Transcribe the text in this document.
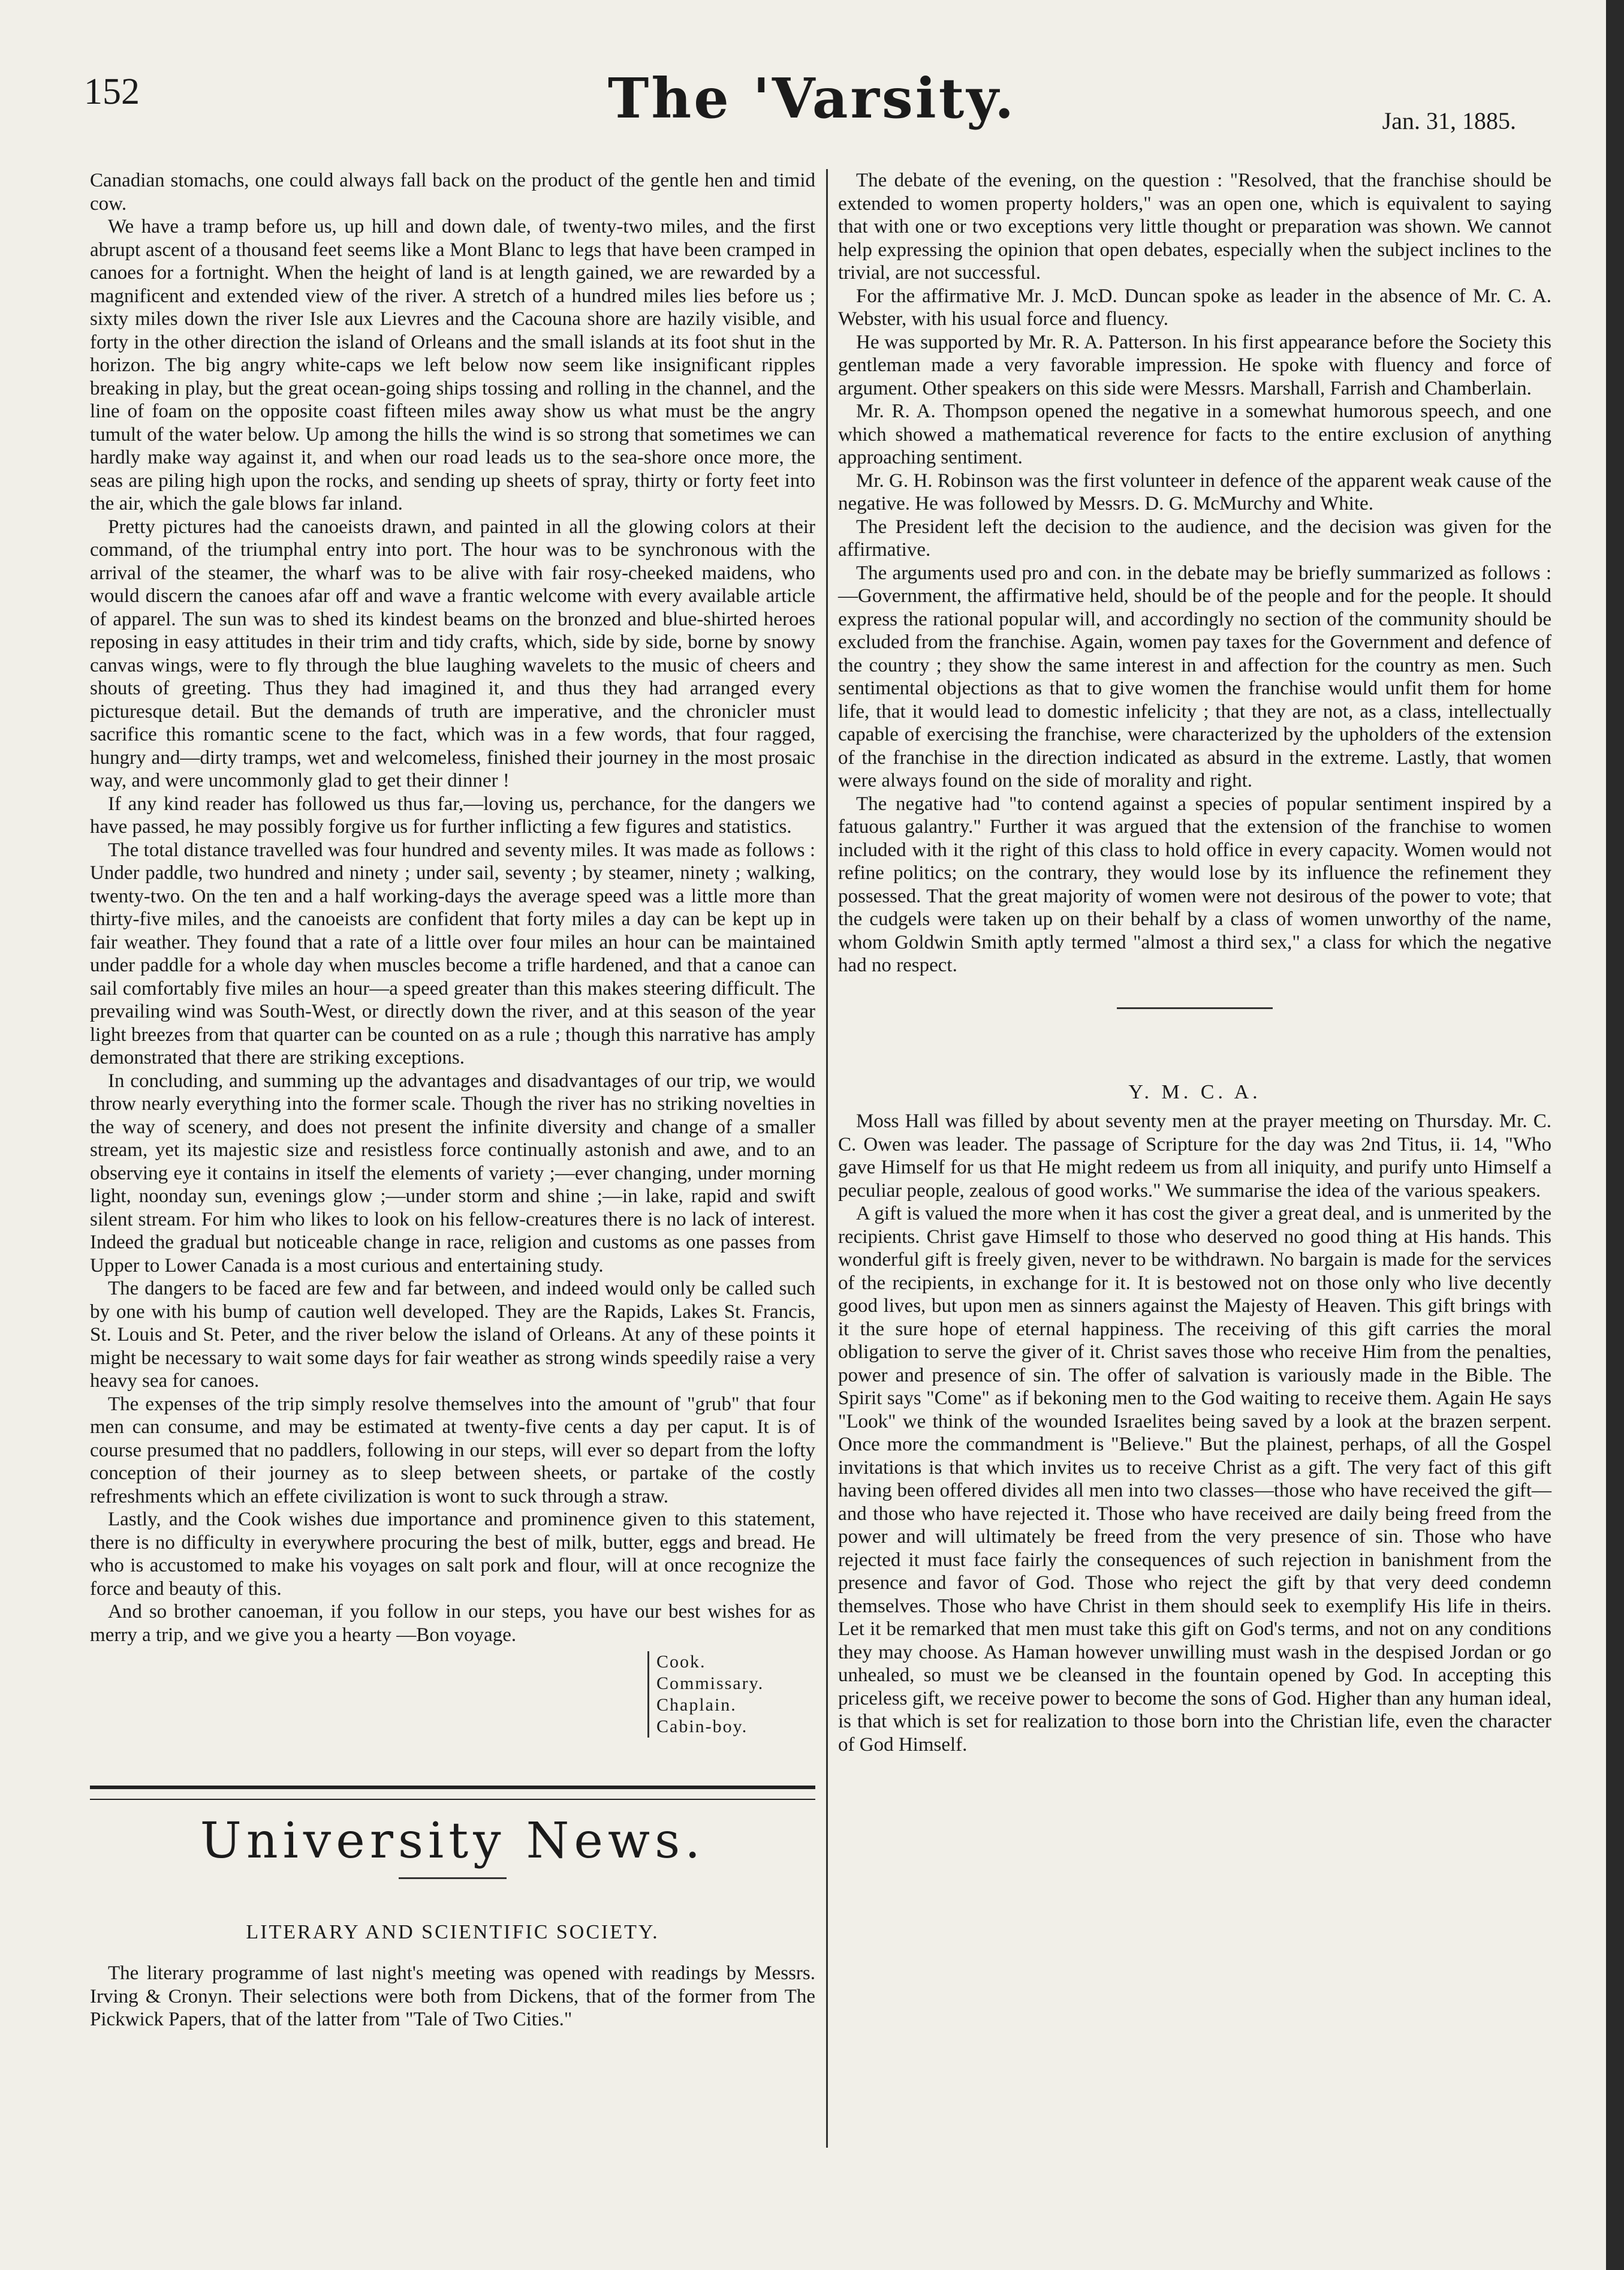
152	The 'Varsity.	Jan. 31, 1885.

Canadian stomachs, one could always fall back on the product of the gentle hen and timid cow.

We have a tramp before us, up hill and down dale, of twenty-two miles, and the first abrupt ascent of a thousand feet seems like a Mont Blanc to legs that have been cramped in canoes for a fortnight. When the height of land is at length gained, we are rewarded by a magnificent and extended view of the river. A stretch of a hundred miles lies before us ; sixty miles down the river Isle aux Lievres and the Cacouna shore are hazily visible, and forty in the other direction the island of Orleans and the small islands at its foot shut in the horizon. The big angry white-caps we left below now seem like insignificant ripples breaking in play, but the great ocean-going ships tossing and rolling in the channel, and the line of foam on the opposite coast fifteen miles away show us what must be the angry tumult of the water below. Up among the hills the wind is so strong that sometimes we can hardly make way against it, and when our road leads us to the sea-shore once more, the seas are piling high upon the rocks, and sending up sheets of spray, thirty or forty feet into the air, which the gale blows far inland.

Pretty pictures had the canoeists drawn, and painted in all the glowing colors at their command, of the triumphal entry into port. The hour was to be synchronous with the arrival of the steamer, the wharf was to be alive with fair rosy-cheeked maidens, who would discern the canoes afar off and wave a frantic welcome with every available article of apparel. The sun was to shed its kindest beams on the bronzed and blue-shirted heroes reposing in easy attitudes in their trim and tidy crafts, which, side by side, borne by snowy canvas wings, were to fly through the blue laughing wavelets to the music of cheers and shouts of greeting. Thus they had imagined it, and thus they had arranged every picturesque detail. But the demands of truth are imperative, and the chronicler must sacrifice this romantic scene to the fact, which was in a few words, that four ragged, hungry and—dirty tramps, wet and welcomeless, finished their journey in the most prosaic way, and were uncommonly glad to get their dinner !

If any kind reader has followed us thus far,—loving us, perchance, for the dangers we have passed, he may possibly forgive us for further inflicting a few figures and statistics.

The total distance travelled was four hundred and seventy miles. It was made as follows : Under paddle, two hundred and ninety ; under sail, seventy ; by steamer, ninety ; walking, twenty-two. On the ten and a half working-days the average speed was a little more than thirty-five miles, and the canoeists are confident that forty miles a day can be kept up in fair weather. They found that a rate of a little over four miles an hour can be maintained under paddle for a whole day when muscles become a trifle hardened, and that a canoe can sail comfortably five miles an hour—a speed greater than this makes steering difficult. The prevailing wind was South-West, or directly down the river, and at this season of the year light breezes from that quarter can be counted on as a rule ; though this narrative has amply demonstrated that there are striking exceptions.

In concluding, and summing up the advantages and disadvantages of our trip, we would throw nearly everything into the former scale. Though the river has no striking novelties in the way of scenery, and does not present the infinite diversity and change of a smaller stream, yet its majestic size and resistless force continually astonish and awe, and to an observing eye it contains in itself the elements of variety ;—ever changing, under morning light, noonday sun, evenings glow ;—under storm and shine ;—in lake, rapid and swift silent stream. For him who likes to look on his fellow-creatures there is no lack of interest. Indeed the gradual but noticeable change in race, religion and customs as one passes from Upper to Lower Canada is a most curious and entertaining study.

The dangers to be faced are few and far between, and indeed would only be called such by one with his bump of caution well developed. They are the Rapids, Lakes St. Francis, St. Louis and St. Peter, and the river below the island of Orleans. At any of these points it might be necessary to wait some days for fair weather as strong winds speedily raise a very heavy sea for canoes.

The expenses of the trip simply resolve themselves into the amount of "grub" that four men can consume, and may be estimated at twenty-five cents a day per caput. It is of course presumed that no paddlers, following in our steps, will ever so depart from the lofty conception of their journey as to sleep between sheets, or partake of the costly refreshments which an effete civilization is wont to suck through a straw.

Lastly, and the Cook wishes due importance and prominence given to this statement, there is no difficulty in everywhere procuring the best of milk, butter, eggs and bread. He who is accustomed to make his voyages on salt pork and flour, will at once recognize the force and beauty of this.

And so brother canoeman, if you follow in our steps, you have our best wishes for as merry a trip, and we give you a hearty —Bon voyage.

Cook.
Commissary.
Chaplain.
Cabin-boy.
University News.
LITERARY AND SCIENTIFIC SOCIETY.

The literary programme of last night's meeting was opened with readings by Messrs. Irving & Cronyn. Their selections were both from Dickens, that of the former from The Pickwick Papers, that of the latter from "Tale of Two Cities."

The debate of the evening, on the question : "Resolved, that the franchise should be extended to women property holders," was an open one, which is equivalent to saying that with one or two exceptions very little thought or preparation was shown. We cannot help expressing the opinion that open debates, especially when the subject inclines to the trivial, are not successful.

For the affirmative Mr. J. McD. Duncan spoke as leader in the absence of Mr. C. A. Webster, with his usual force and fluency.

He was supported by Mr. R. A. Patterson. In his first appearance before the Society this gentleman made a very favorable impression. He spoke with fluency and force of argument. Other speakers on this side were Messrs. Marshall, Farrish and Chamberlain.

Mr. R. A. Thompson opened the negative in a somewhat humorous speech, and one which showed a mathematical reverence for facts to the entire exclusion of anything approaching sentiment.

Mr. G. H. Robinson was the first volunteer in defence of the apparent weak cause of the negative. He was followed by Messrs. D. G. McMurchy and White.

The President left the decision to the audience, and the decision was given for the affirmative.

The arguments used pro and con. in the debate may be briefly summarized as follows :—Government, the affirmative held, should be of the people and for the people. It should express the rational popular will, and accordingly no section of the community should be excluded from the franchise. Again, women pay taxes for the Government and defence of the country ; they show the same interest in and affection for the country as men. Such sentimental objections as that to give women the franchise would unfit them for home life, that it would lead to domestic infelicity ; that they are not, as a class, intellectually capable of exercising the franchise, were characterized by the upholders of the extension of the franchise in the direction indicated as absurd in the extreme. Lastly, that women were always found on the side of morality and right.

The negative had "to contend against a species of popular sentiment inspired by a fatuous galantry." Further it was argued that the extension of the franchise to women included with it the right of this class to hold office in every capacity. Women would not refine politics; on the contrary, they would lose by its influence the refinement they possessed. That the great majority of women were not desirous of the power to vote; that the cudgels were taken up on their behalf by a class of women unworthy of the name, whom Goldwin Smith aptly termed "almost a third sex," a class for which the negative had no respect.

Y. M. C. A.

Moss Hall was filled by about seventy men at the prayer meeting on Thursday. Mr. C. C. Owen was leader. The passage of Scripture for the day was 2nd Titus, ii. 14, "Who gave Himself for us that He might redeem us from all iniquity, and purify unto Himself a peculiar people, zealous of good works." We summarise the idea of the various speakers.

A gift is valued the more when it has cost the giver a great deal, and is unmerited by the recipients. Christ gave Himself to those who deserved no good thing at His hands. This wonderful gift is freely given, never to be withdrawn. No bargain is made for the services of the recipients, in exchange for it. It is bestowed not on those only who live decently good lives, but upon men as sinners against the Majesty of Heaven. This gift brings with it the sure hope of eternal happiness. The receiving of this gift carries the moral obligation to serve the giver of it. Christ saves those who receive Him from the penalties, power and presence of sin. The offer of salvation is variously made in the Bible. The Spirit says "Come" as if bekoning men to the God waiting to receive them. Again He says "Look" we think of the wounded Israelites being saved by a look at the brazen serpent. Once more the commandment is "Believe." But the plainest, perhaps, of all the Gospel invitations is that which invites us to receive Christ as a gift. The very fact of this gift having been offered divides all men into two classes—those who have received the gift—and those who have rejected it. Those who have received are daily being freed from the power and will ultimately be freed from the very presence of sin. Those who have rejected it must face fairly the consequences of such rejection in banishment from the presence and favor of God. Those who reject the gift by that very deed condemn themselves. Those who have Christ in them should seek to exemplify His life in theirs. Let it be remarked that men must take this gift on God's terms, and not on any conditions they may choose. As Haman however unwilling must wash in the despised Jordan or go unhealed, so must we be cleansed in the fountain opened by God. In accepting this priceless gift, we receive power to become the sons of God. Higher than any human ideal, is that which is set for realization to those born into the Christian life, even the character of God Himself.
